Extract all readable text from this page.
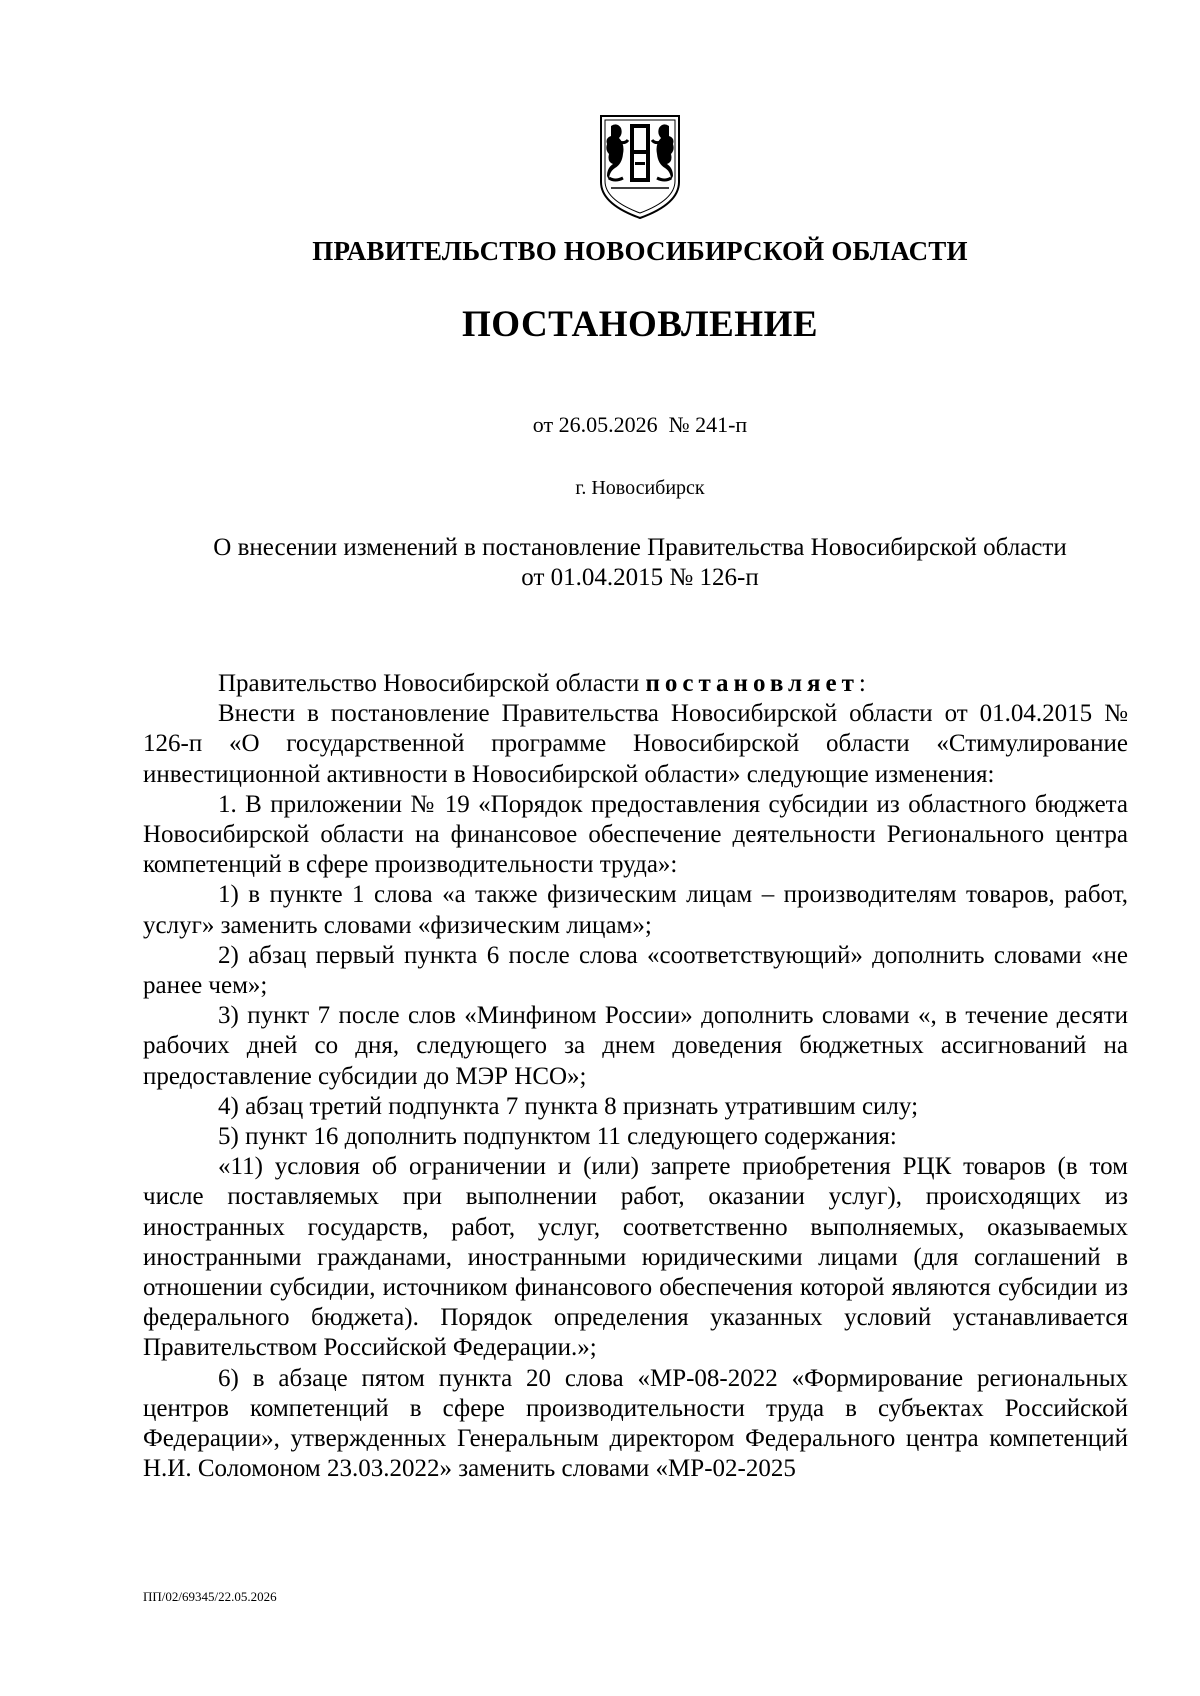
ПРАВИТЕЛЬСТВО НОВОСИБИРСКОЙ ОБЛАСТИ
ПОСТАНОВЛЕНИЕ
от 26.05.2026  № 241-п
г. Новосибирск
О внесении изменений в постановление Правительства Новосибирской области
от 01.04.2015 № 126-п

Правительство Новосибирской области постановляет:

Внести в постановление Правительства Новосибирской области от 01.04.2015 № 126-п «О государственной программе Новосибирской области «Стимулирование инвестиционной активности в Новосибирской области» следующие изменения:

1. В приложении № 19 «Порядок предоставления субсидии из областного бюджета Новосибирской области на финансовое обеспечение деятельности Регионального центра компетенций в сфере производительности труда»:

1) в пункте 1 слова «а также физическим лицам – производителям товаров, работ, услуг» заменить словами «физическим лицам»;

2) абзац первый пункта 6 после слова «соответствующий» дополнить словами «не ранее чем»;

3) пункт 7 после слов «Минфином России» дополнить словами «, в течение десяти рабочих дней со дня, следующего за днем доведения бюджетных ассигнований на предоставление субсидии до МЭР НСО»;

4) абзац третий подпункта 7 пункта 8 признать утратившим силу;

5) пункт 16 дополнить подпунктом 11 следующего содержания:

«11) условия об ограничении и (или) запрете приобретения РЦК товаров (в том числе поставляемых при выполнении работ, оказании услуг), происходящих из иностранных государств, работ, услуг, соответственно выполняемых, оказываемых иностранными гражданами, иностранными юридическими лицами (для соглашений в отношении субсидии, источником финансового обеспечения которой являются субсидии из федерального бюджета). Порядок определения указанных условий устанавливается Правительством Российской Федерации.»;

6) в абзаце пятом пункта 20 слова «МР-08-2022 «Формирование региональных центров компетенций в сфере производительности труда в субъектах Российской Федерации», утвержденных Генеральным директором Федерального центра компетенций Н.И. Соломоном 23.03.2022» заменить словами «МР-02-2025

ПП/02/69345/22.05.2026
